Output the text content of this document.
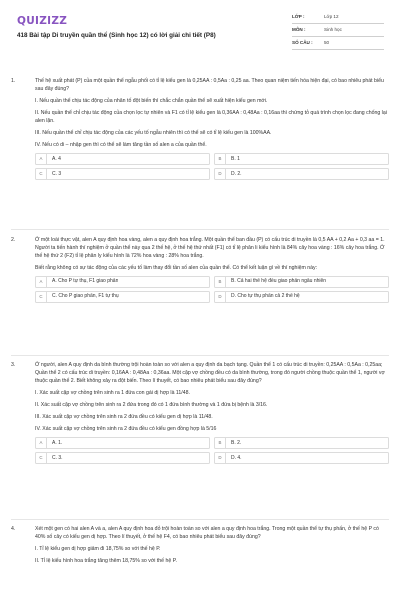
QUIZIZZ
418 Bài tập Di truyền quần thể (Sinh học 12) có lời giải chi tiết (P8)
LỚP :	Lớp 12
MÔN :	Sinh học
SỐ CÂU :	50
1.	Thế hệ xuất phát (P) của một quần thể ngẫu phối có tỉ lệ kiểu gen là 0,25AA : 0,5Aa : 0,25 aa. Theo quan niệm tiến hóa hiện đại, có bao nhiêu phát biểu sau đây đúng?

I. Nếu quần thể chịu tác động của nhân tố đột biến thì chắc chắn quần thể sẽ xuất hiện kiểu gen mới.

II. Nếu quần thể chỉ chịu tác động của chọn lọc tự nhiên và F1 có tỉ lệ kiểu gen là 0,36AA : 0,48Aa : 0,16aa thì chứng tỏ quá trình chọn lọc đang chống lại alen lặn.

III. Nếu quần thể chỉ chịu tác động của các yếu tố ngẫu nhiên thì có thể sẽ có tỉ lệ kiểu gen là 100%AA.

IV. Nếu có di – nhập gen thì có thể sẽ làm tăng tần số alen a của quần thể.

A	A. 4	B	B. 1
C	C. 3	D	D. 2.
2.	Ở một loài thực vật, alen A quy định hoa vàng, alen a quy định hoa trắng. Một quần thể ban đầu (P) có cấu trúc di truyền là 0,5 AA + 0,2 Aa + 0,3 aa = 1. Người ta tiến hành thí nghiệm ở quần thể này qua 2 thế hệ, ở thế hệ thứ nhất (F1) có tỉ lệ phân li kiểu hình là 84% cây hoa vàng : 16% cây hoa trắng. Ở thế hệ thứ 2 (F2) tỉ lệ phân ly kiểu hình là 72% hoa vàng : 28% hoa trắng.

Biết rằng không có sự tác động của các yếu tố làm thay đổi tần số alen của quần thể. Có thể kết luận gì về thí nghiệm này:

A	A. Cho P tự thụ, F1 giao phấn	B	B. Cả hai thế hệ đều giao phấn ngẫu nhiên
C	C. Cho P giao phấn, F1 tự thụ	D	D. Cho tự thụ phấn cả 2 thế hệ
3.	Ở người, alen A quy định da bình thường trội hoàn toàn so với alen a quy định da bạch tạng. Quần thể 1 có cấu trúc di truyền: 0,25AA : 0,5Aa : 0,25aa; Quần thể 2 có cấu trúc di truyền: 0,16AA : 0,48Aa : 0,36aa. Một cặp vợ chồng đều có da bình thường, trong đó người chồng thuộc quần thể 1, người vợ thuộc quần thể 2. Biết không xảy ra đột biến. Theo lí thuyết, có bao nhiêu phát biểu sau đây đúng?

I. Xác suất cặp vợ chồng trên sinh ra 1 đứa con gái dị hợp là 11/48.

II. Xác suất cặp vợ chồng trên sinh ra 2 đứa trong đó có 1 đứa bình thường và 1 đứa bị bệnh là 3/16.

III. Xác suất cặp vợ chồng trên sinh ra 2 đứa đều có kiểu gen dị hợp là 11/48.

IV. Xác suất cặp vợ chồng trên sinh ra 2 đứa đều có kiểu gen đồng hợp là 5/16

A	A. 1.	B	B. 2.
C	C. 3.	D	D. 4.
4.	Xét một gen có hai alen A và a, alen A quy định hoa đỏ trội hoàn toàn so với alen a quy định hoa trắng. Trong một quần thể tự thụ phấn, ở thế hệ P có 40% số cây có kiểu gen dị hợp. Theo lí thuyết, ở thế hệ F4, có bao nhiêu phát biểu sau đây đúng?

I. Tỉ lệ kiểu gen dị hợp giảm đi 18,75% so với thế hệ P.

II. Tỉ lệ kiểu hình hoa trắng tăng thêm 18,75% so với thế hệ P.
